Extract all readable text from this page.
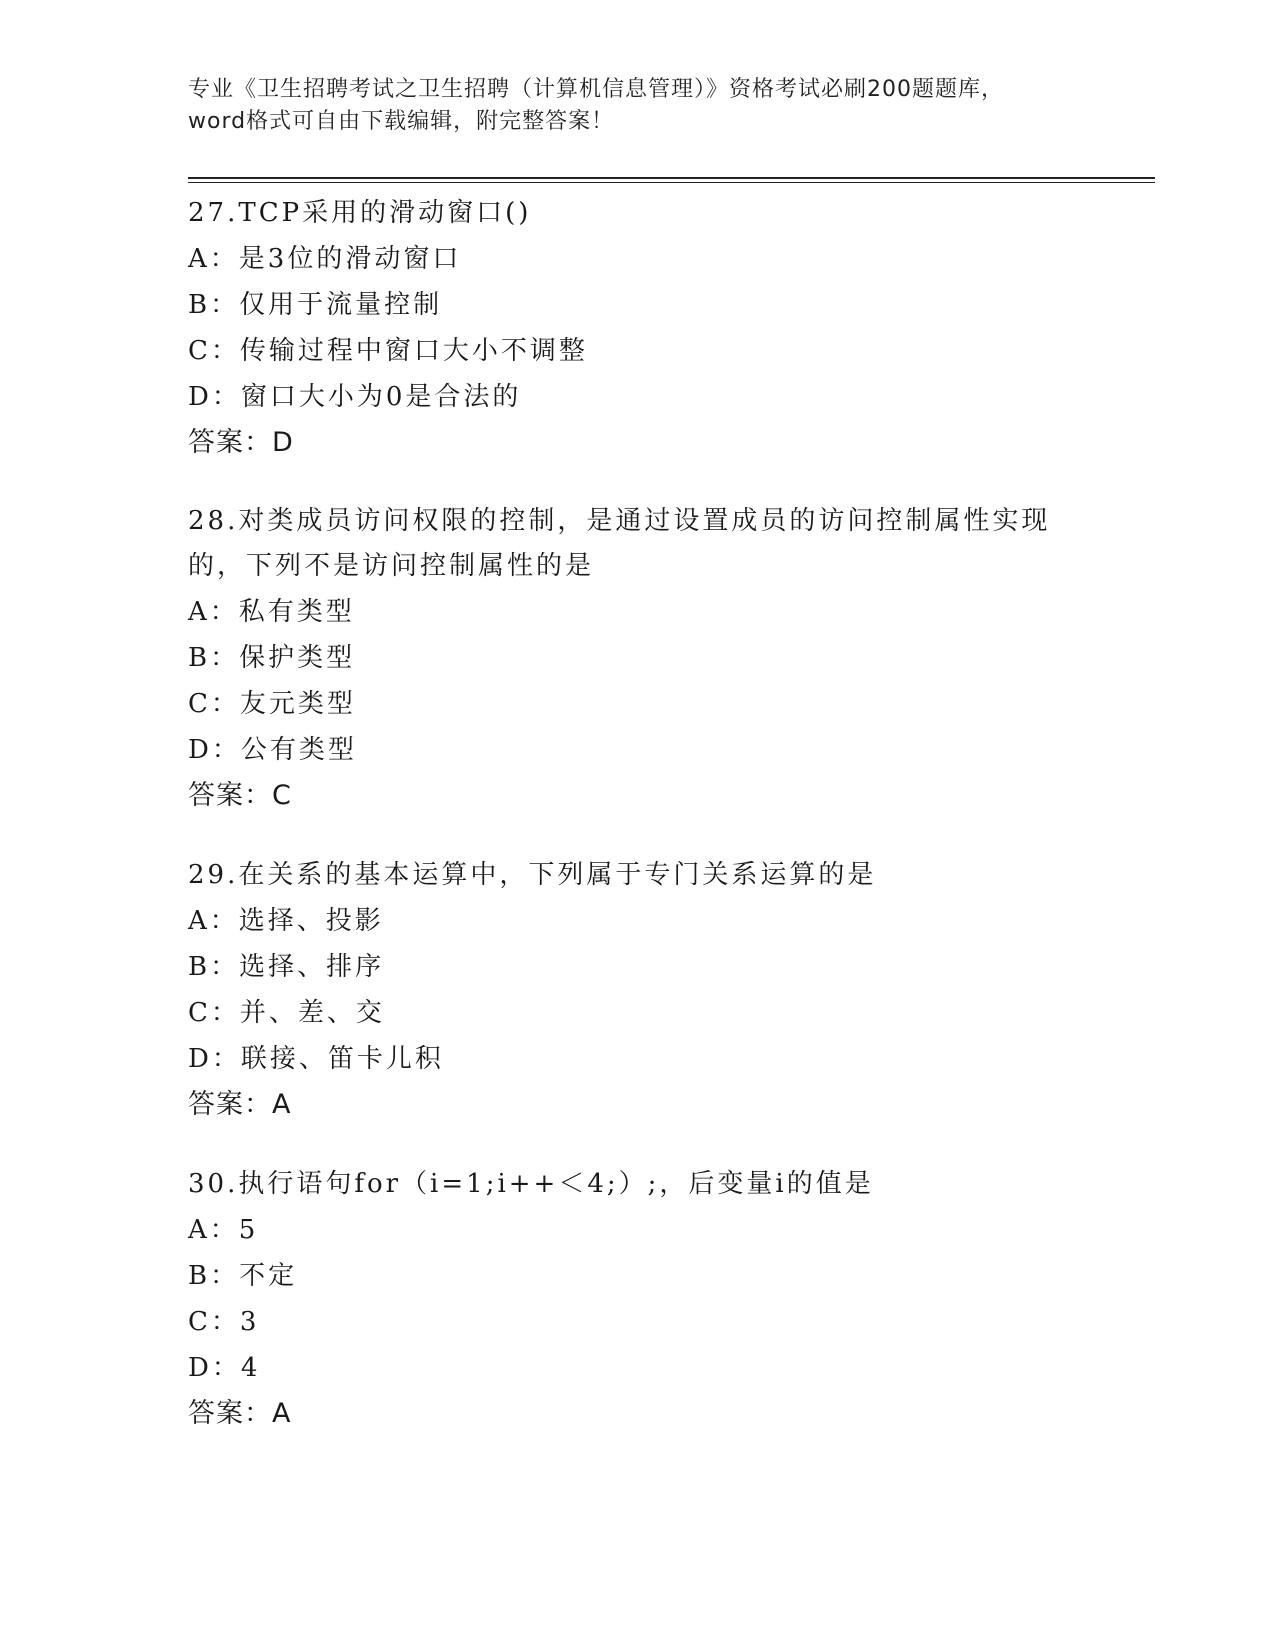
专业《卫生招聘考试之卫生招聘（计算机信息管理）》资格考试必刷200题题库，
word格式可自由下载编辑，附完整答案！
27.TCP采用的滑动窗口()
A：是3位的滑动窗口
B：仅用于流量控制
C：传输过程中窗口大小不调整
D：窗口大小为0是合法的
答案：D
28.对类成员访问权限的控制，是通过设置成员的访问控制属性实现的，下列不是访问控制属性的是
A：私有类型
B：保护类型
C：友元类型
D：公有类型
答案：C
29.在关系的基本运算中，下列属于专门关系运算的是
A：选择、投影
B：选择、排序
C：并、差、交
D：联接、笛卡儿积
答案：A
30.执行语句for（i=1;i++＜4;）;，后变量i的值是
A：5
B：不定
C：3
D：4
答案：A
